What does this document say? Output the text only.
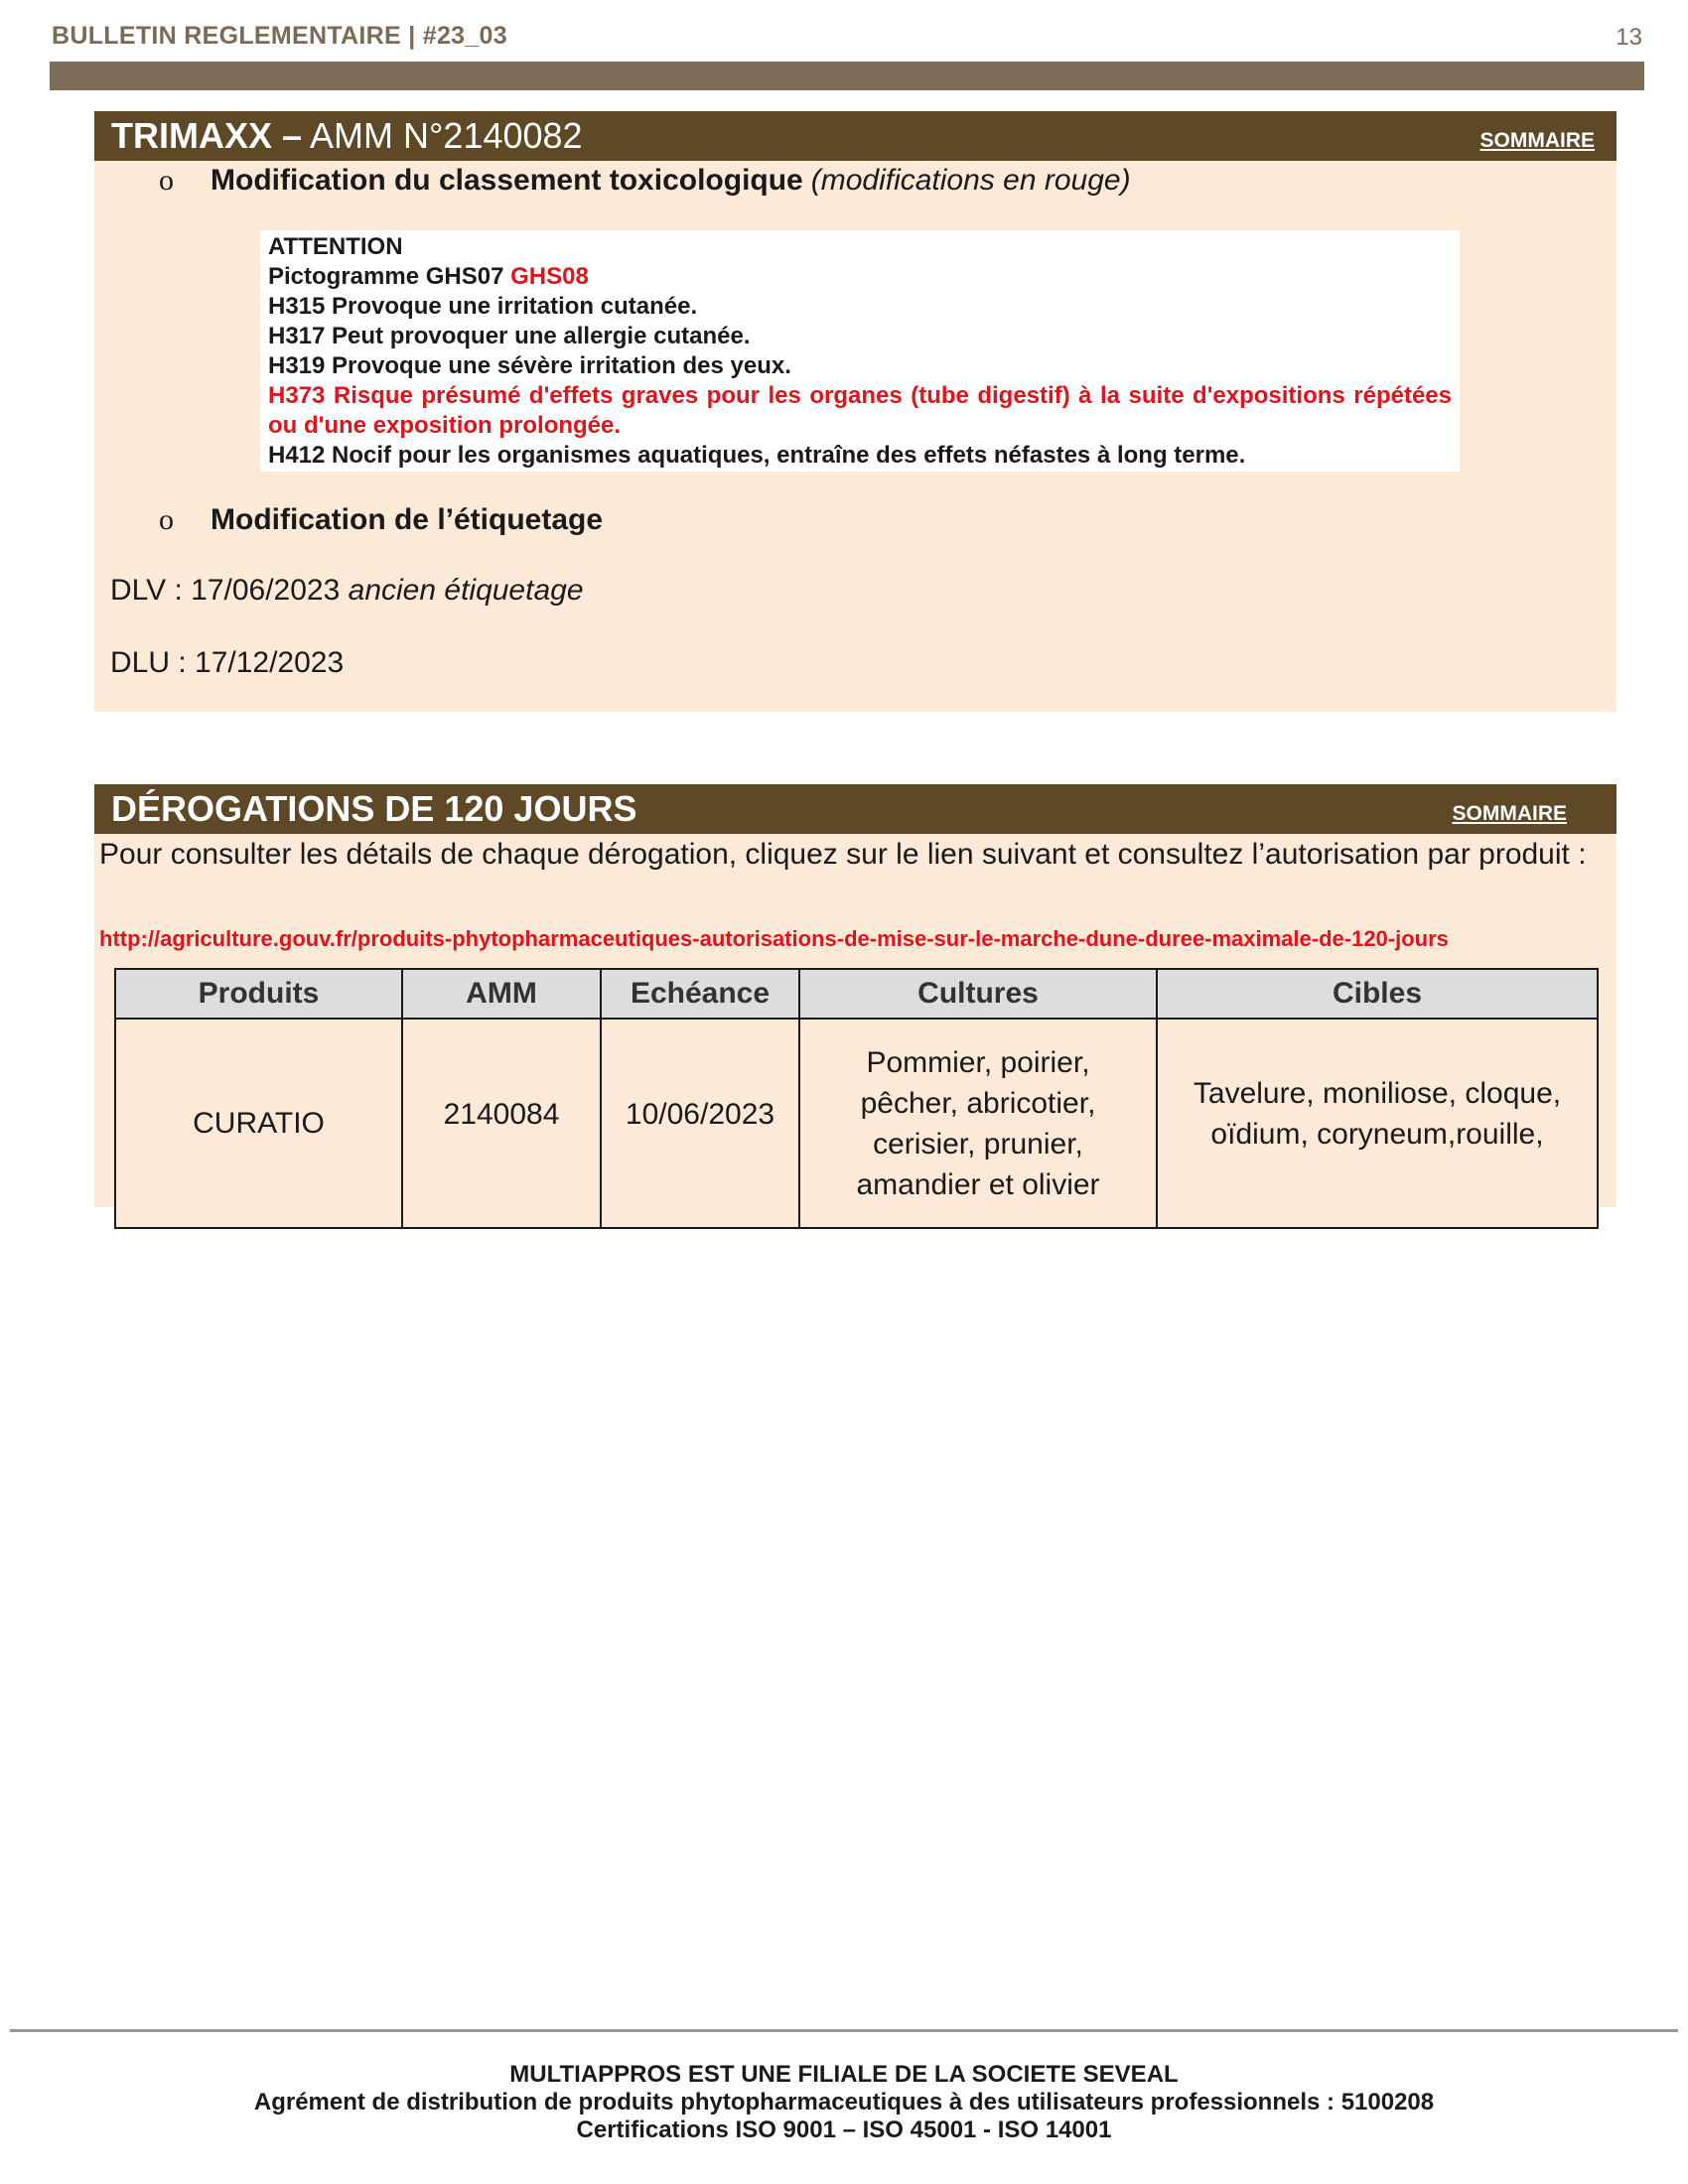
BULLETIN REGLEMENTAIRE | #23_03	13
TRIMAXX – AMM N°2140082	SOMMAIRE
o	Modification du classement toxicologique (modifications en rouge)
ATTENTION
Pictogramme GHS07 GHS08
H315 Provoque une irritation cutanée.
H317 Peut provoquer une allergie cutanée.
H319 Provoque une sévère irritation des yeux.
H373 Risque présumé d'effets graves pour les organes (tube digestif) à la suite d'expositions répétées ou d'une exposition prolongée.
H412 Nocif pour les organismes aquatiques, entraîne des effets néfastes à long terme.
o	Modification de l’étiquetage
DLV : 17/06/2023 ancien étiquetage
DLU : 17/12/2023
DÉROGATIONS DE 120 JOURS	SOMMAIRE
Pour consulter les détails de chaque dérogation, cliquez sur le lien suivant et consultez l’autorisation par produit :
http://agriculture.gouv.fr/produits-phytopharmaceutiques-autorisations-de-mise-sur-le-marche-dune-duree-maximale-de-120-jours
Produits	AMM	Echéance	Cultures	Cibles
CURATIO	2140084	10/06/2023	Pommier, poirier, pêcher, abricotier, cerisier, prunier, amandier et olivier	Tavelure, moniliose, cloque, oïdium, coryneum,rouille,
MULTIAPPROS EST UNE FILIALE DE LA SOCIETE SEVEAL
Agrément de distribution de produits phytopharmaceutiques à des utilisateurs professionnels : 5100208
Certifications ISO 9001 – ISO 45001 - ISO 14001
